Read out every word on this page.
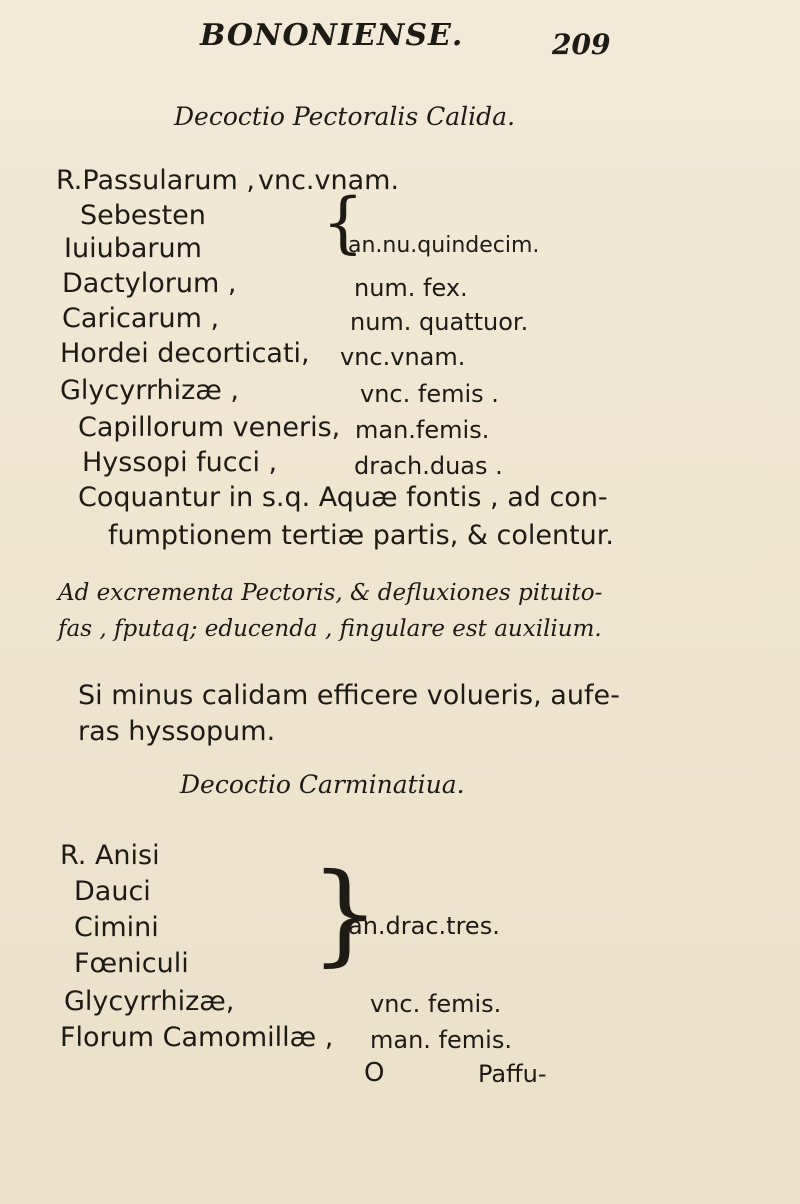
BONONIENSE.	209
Decoctio Pectoralis Calida.
R.Passularum , vnc.vnam.
Sebesten
Iuiubarum {
an.nu.quindecim.
Dactylorum ,	num. fex.
Caricarum ,	num. quattuor.
Hordei decorticati, vnc.vnam.
Glycyrrhizæ ,	vnc. femis .
Capillorum veneris, man.femis.
Hyssopi fucci ,	drach.duas .
Coquantur in s.q. Aquæ fontis , ad con-
fumptionem tertiæ partis, & colentur.
Ad excrementa Pectoris, & defluxiones pituito-
fas , fputaq; educenda , fingulare est auxilium.
Si minus calidam efficere volueris, aufe-
ras hyssopum.
Decoctio Carminatiua.
R. Anisi
Dauci
Cimini
Fœniculi }
an.drac.tres.
Glycyrrhizæ,	vnc. femis.
Florum Camomillæ , man. femis.
O	Paffu-
